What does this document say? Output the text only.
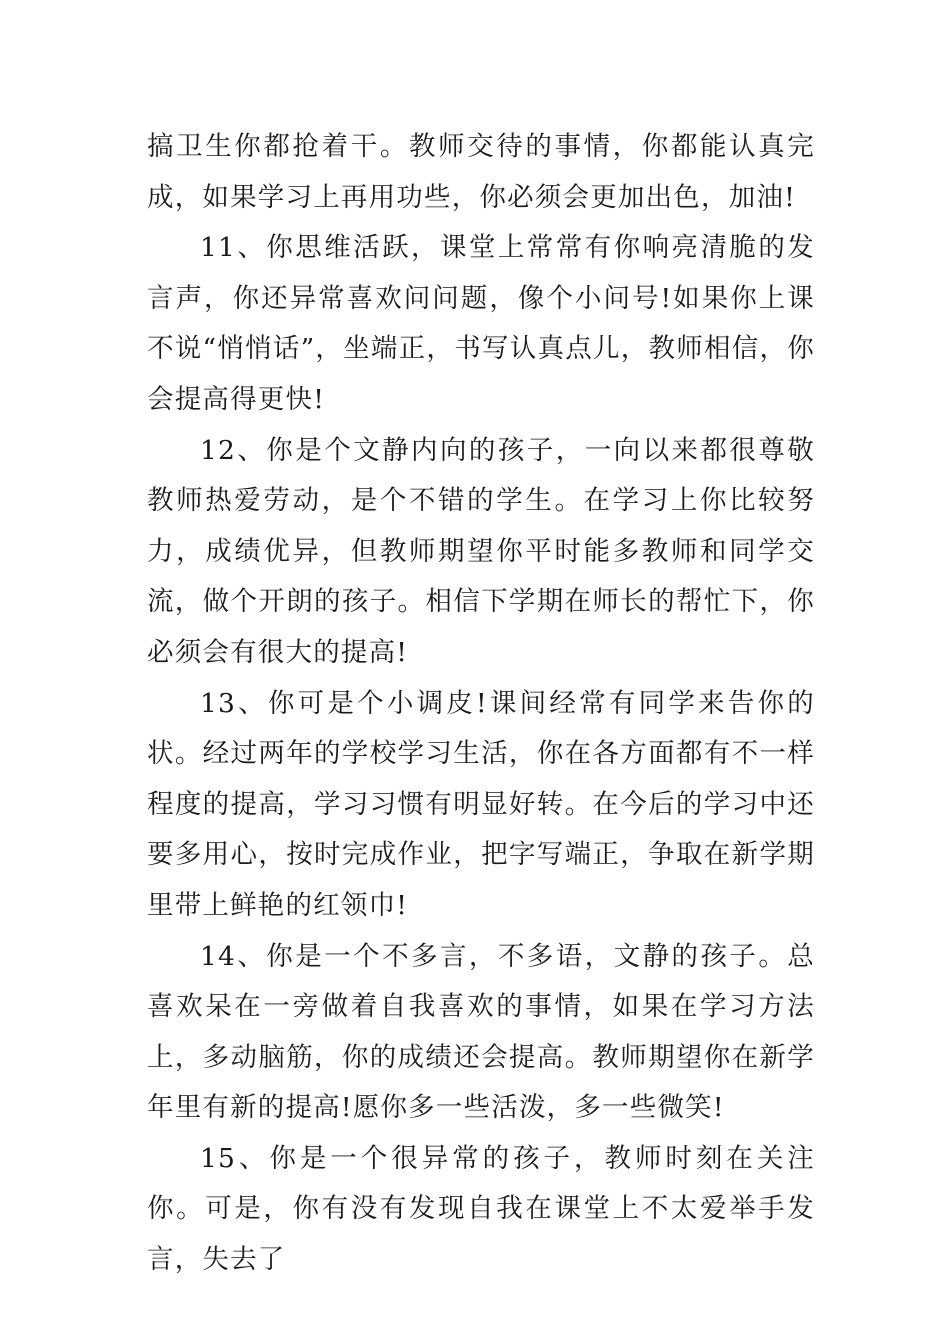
搞卫生你都抢着干。教师交待的事情，你都能认真完成，如果学习上再用功些，你必须会更加出色，加油!

11、你思维活跃，课堂上常常有你响亮清脆的发言声，你还异常喜欢问问题，像个小问号!如果你上课不说“悄悄话”，坐端正，书写认真点儿，教师相信，你会提高得更快!

12、你是个文静内向的孩子，一向以来都很尊敬教师热爱劳动，是个不错的学生。在学习上你比较努力，成绩优异，但教师期望你平时能多教师和同学交流，做个开朗的孩子。相信下学期在师长的帮忙下，你必须会有很大的提高!

13、你可是个小调皮!课间经常有同学来告你的状。经过两年的学校学习生活，你在各方面都有不一样程度的提高，学习习惯有明显好转。在今后的学习中还要多用心，按时完成作业，把字写端正，争取在新学期里带上鲜艳的红领巾!

14、你是一个不多言，不多语，文静的孩子。总喜欢呆在一旁做着自我喜欢的事情，如果在学习方法上，多动脑筋，你的成绩还会提高。教师期望你在新学年里有新的提高!愿你多一些活泼，多一些微笑!

15、你是一个很异常的孩子，教师时刻在关注你。可是，你有没有发现自我在课堂上不太爱举手发言，失去了
